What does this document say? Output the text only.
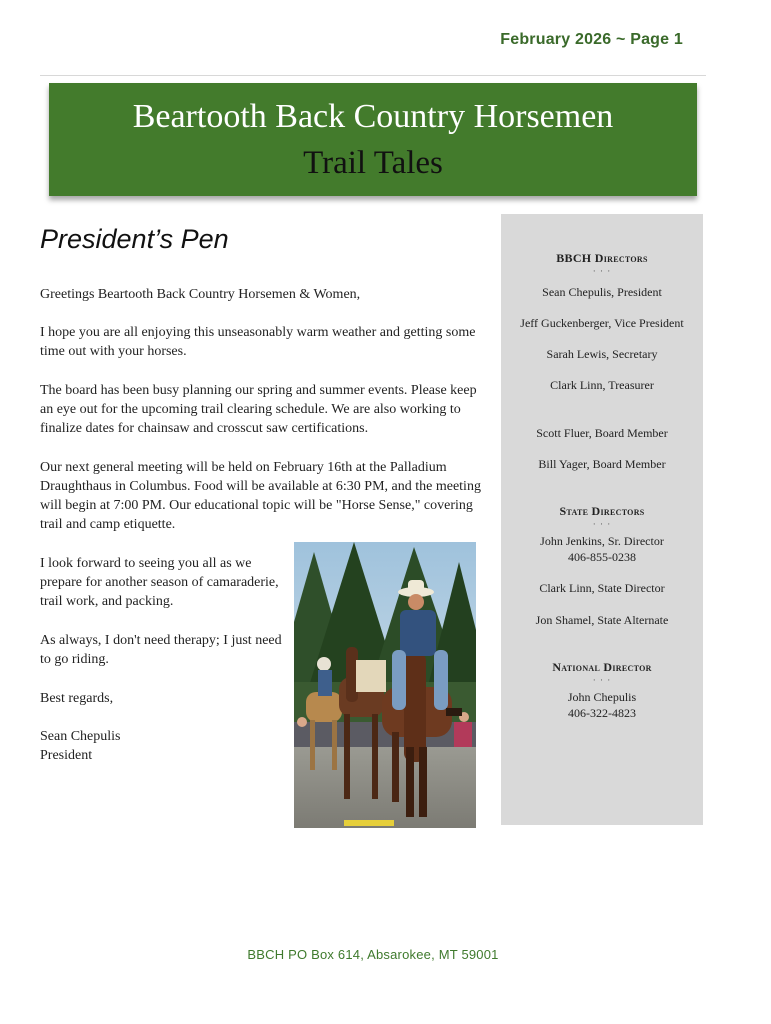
February 2026 ~ Page 1
Beartooth Back Country Horsemen
Trail Tales
President’s Pen

Greetings Beartooth Back Country Horsemen & Women,

I hope you are all enjoying this unseasonably warm weather and getting some time out with your horses.

The board has been busy planning our spring and summer events. Please keep an eye out for the upcoming trail clearing schedule. We are also working to finalize dates for chainsaw and crosscut saw certifications.

Our next general meeting will be held on February 16th at the Palladium Draughthaus in Columbus. Food will be available at 6:30 PM, and the meeting will begin at 7:00 PM. Our educational topic will be "Horse Sense," covering trail and camp etiquette.

I look forward to seeing you all as we prepare for another season of camaraderie, trail work, and packing.

As always, I don't need therapy; I just need to go riding.

Best regards,

Sean Chepulis
President

BBCH Directors
· · ·
Sean Chepulis, President
Jeff Guckenberger, Vice President
Sarah Lewis, Secretary
Clark Linn, Treasurer
Scott Fluer, Board Member
Bill Yager, Board Member
State Directors
· · ·
John Jenkins, Sr. Director
406-855-0238
Clark Linn, State Director
Jon Shamel, State Alternate
National Director
· · ·
John Chepulis
406-322-4823
BBCH PO Box 614, Absarokee, MT 59001
